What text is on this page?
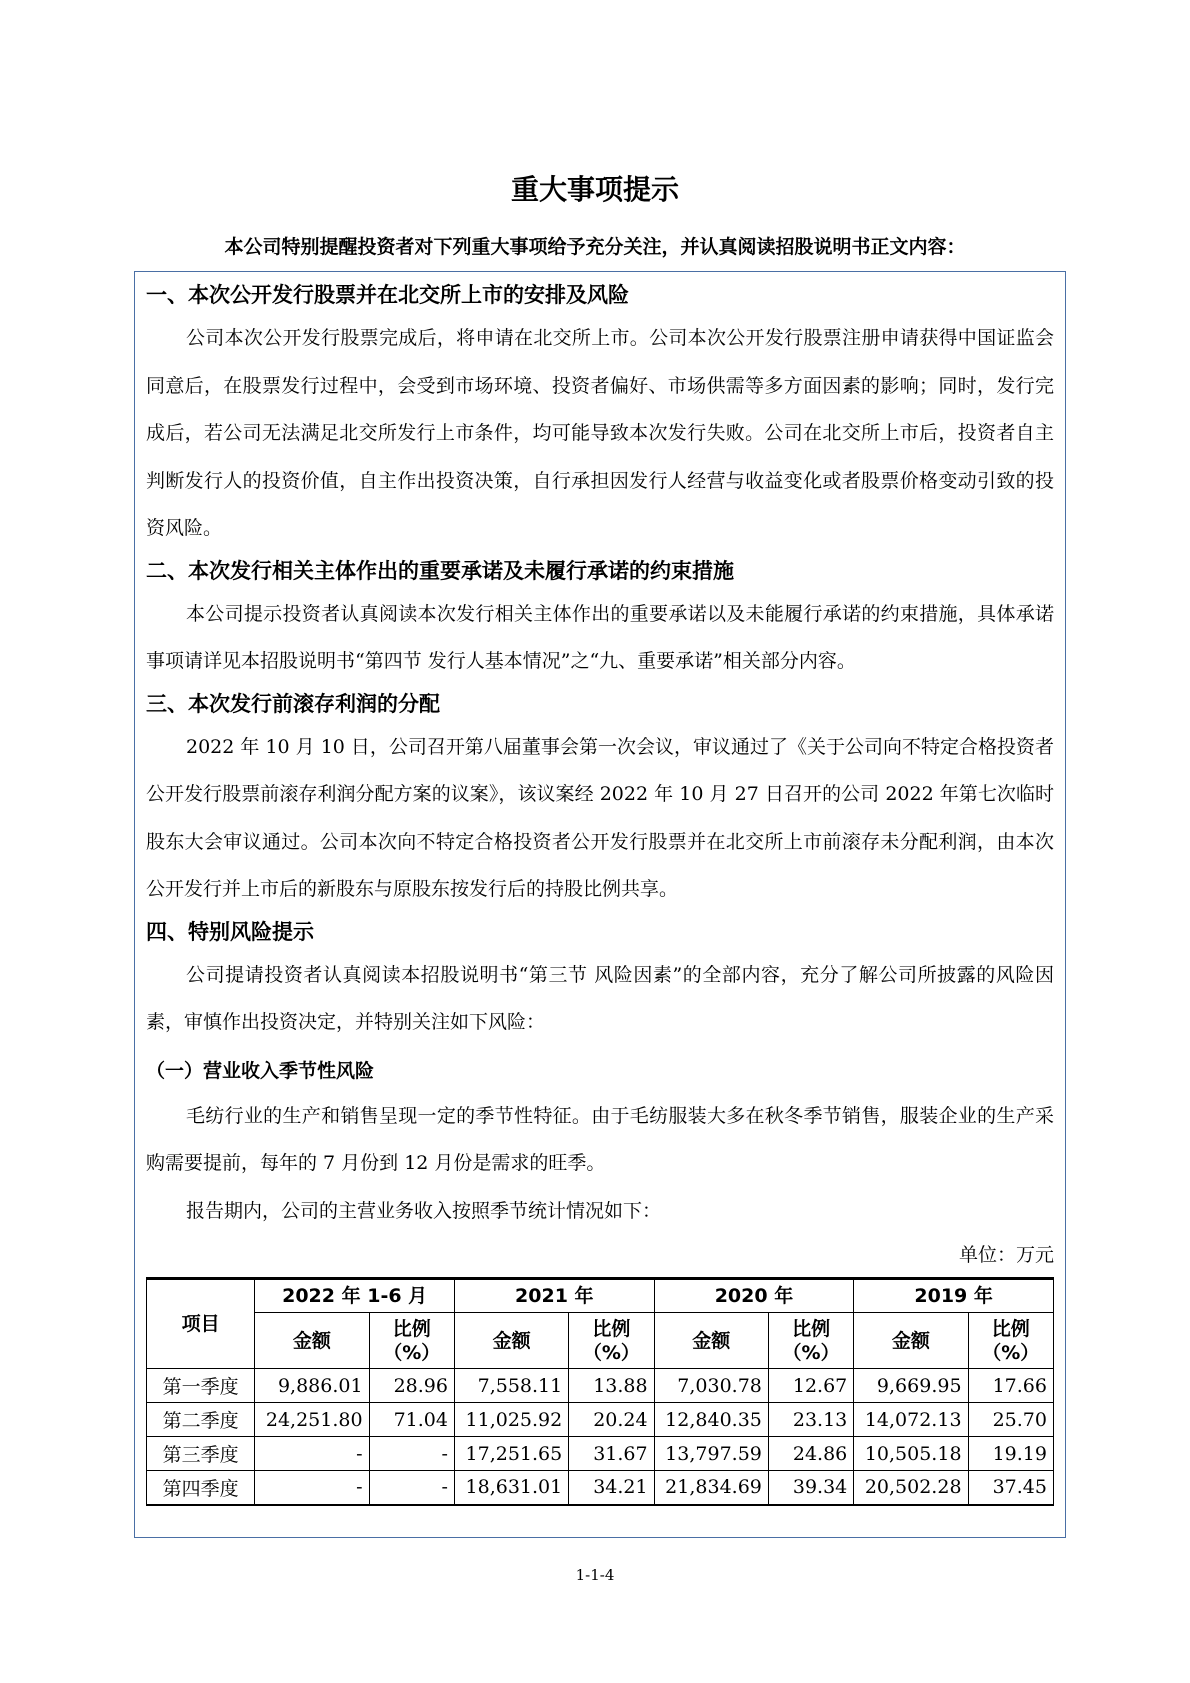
重大事项提示
本公司特别提醒投资者对下列重大事项给予充分关注，并认真阅读招股说明书正文内容：
一、本次公开发行股票并在北交所上市的安排及风险

公司本次公开发行股票完成后，将申请在北交所上市。公司本次公开发行股票注册申请获得中国证监会同意后，在股票发行过程中，会受到市场环境、投资者偏好、市场供需等多方面因素的影响；同时，发行完成后，若公司无法满足北交所发行上市条件，均可能导致本次发行失败。公司在北交所上市后，投资者自主判断发行人的投资价值，自主作出投资决策，自行承担因发行人经营与收益变化或者股票价格变动引致的投资风险。

二、本次发行相关主体作出的重要承诺及未履行承诺的约束措施

本公司提示投资者认真阅读本次发行相关主体作出的重要承诺以及未能履行承诺的约束措施，具体承诺事项请详见本招股说明书“第四节 发行人基本情况”之“九、重要承诺”相关部分内容。

三、本次发行前滚存利润的分配

2022 年 10 月 10 日，公司召开第八届董事会第一次会议，审议通过了《关于公司向不特定合格投资者公开发行股票前滚存利润分配方案的议案》，该议案经 2022 年 10 月 27 日召开的公司 2022 年第七次临时股东大会审议通过。公司本次向不特定合格投资者公开发行股票并在北交所上市前滚存未分配利润，由本次公开发行并上市后的新股东与原股东按发行后的持股比例共享。

四、特别风险提示

公司提请投资者认真阅读本招股说明书“第三节 风险因素”的全部内容，充分了解公司所披露的风险因素，审慎作出投资决定，并特别关注如下风险：

（一）营业收入季节性风险

毛纺行业的生产和销售呈现一定的季节性特征。由于毛纺服装大多在秋冬季节销售，服装企业的生产采购需要提前，每年的 7 月份到 12 月份是需求的旺季。

报告期内，公司的主营业务收入按照季节统计情况如下：

单位：万元
项目	2022 年 1-6 月		2021 年		2020 年		2019 年	
	金额	比例
（%）	金额	比例
（%）	金额	比例
（%）	金额	比例
（%）
第一季度	9,886.01	28.96	7,558.11	13.88	7,030.78	12.67	9,669.95	17.66
第二季度	24,251.80	71.04	11,025.92	20.24	12,840.35	23.13	14,072.13	25.70
第三季度	-	-	17,251.65	31.67	13,797.59	24.86	10,505.18	19.19
第四季度	-	-	18,631.01	34.21	21,834.69	39.34	20,502.28	37.45
1-1-4
